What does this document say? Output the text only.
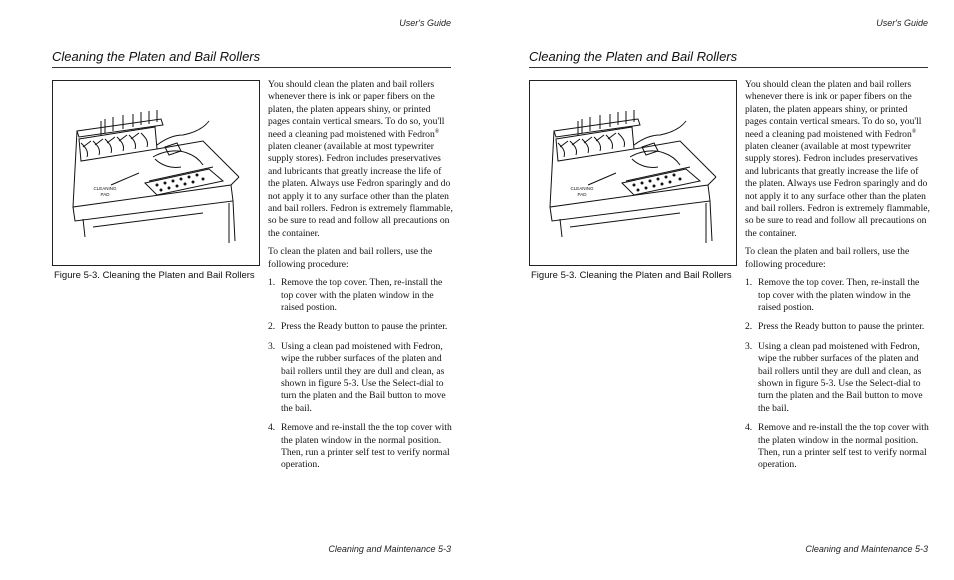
User's Guide
Cleaning the Platen and Bail Rollers
CLEANING
PAD
Figure 5-3. Cleaning the Platen and Bail Rollers

You should clean the platen and bail rollers whenever there is ink or paper fibers on the platen, the platen appears shiny, or printed pages contain vertical smears. To do so, you'll need a cleaning pad moistened with Fedron® platen cleaner (available at most typewriter supply stores). Fedron includes preservatives and lubricants that greatly increase the life of the platen. Always use Fedron sparingly and do not apply it to any surface other than the platen and bail rollers. Fedron is extremely flammable, so be sure to read and follow all precautions on the container.

To clean the platen and bail rollers, use the following procedure:

1. Remove the top cover. Then, re-install the top cover with the platen window in the raised postion.
2. Press the Ready button to pause the printer.
3. Using a clean pad moistened with Fedron, wipe the rubber surfaces of the platen and bail rollers until they are dull and clean, as shown in figure 5-3. Use the Select-dial to turn the platen and the Bail button to move the bail.
4. Remove and re-install the the top cover with the platen window in the normal position. Then, run a printer self test to verify normal operation.
Cleaning and Maintenance 5-3
User's Guide
Cleaning the Platen and Bail Rollers
CLEANING
PAD
Figure 5-3. Cleaning the Platen and Bail Rollers

You should clean the platen and bail rollers whenever there is ink or paper fibers on the platen, the platen appears shiny, or printed pages contain vertical smears. To do so, you'll need a cleaning pad moistened with Fedron® platen cleaner (available at most typewriter supply stores). Fedron includes preservatives and lubricants that greatly increase the life of the platen. Always use Fedron sparingly and do not apply it to any surface other than the platen and bail rollers. Fedron is extremely flammable, so be sure to read and follow all precautions on the container.

To clean the platen and bail rollers, use the following procedure:

1. Remove the top cover. Then, re-install the top cover with the platen window in the raised postion.
2. Press the Ready button to pause the printer.
3. Using a clean pad moistened with Fedron, wipe the rubber surfaces of the platen and bail rollers until they are dull and clean, as shown in figure 5-3. Use the Select-dial to turn the platen and the Bail button to move the bail.
4. Remove and re-install the the top cover with the platen window in the normal position. Then, run a printer self test to verify normal operation.
Cleaning and Maintenance 5-3
